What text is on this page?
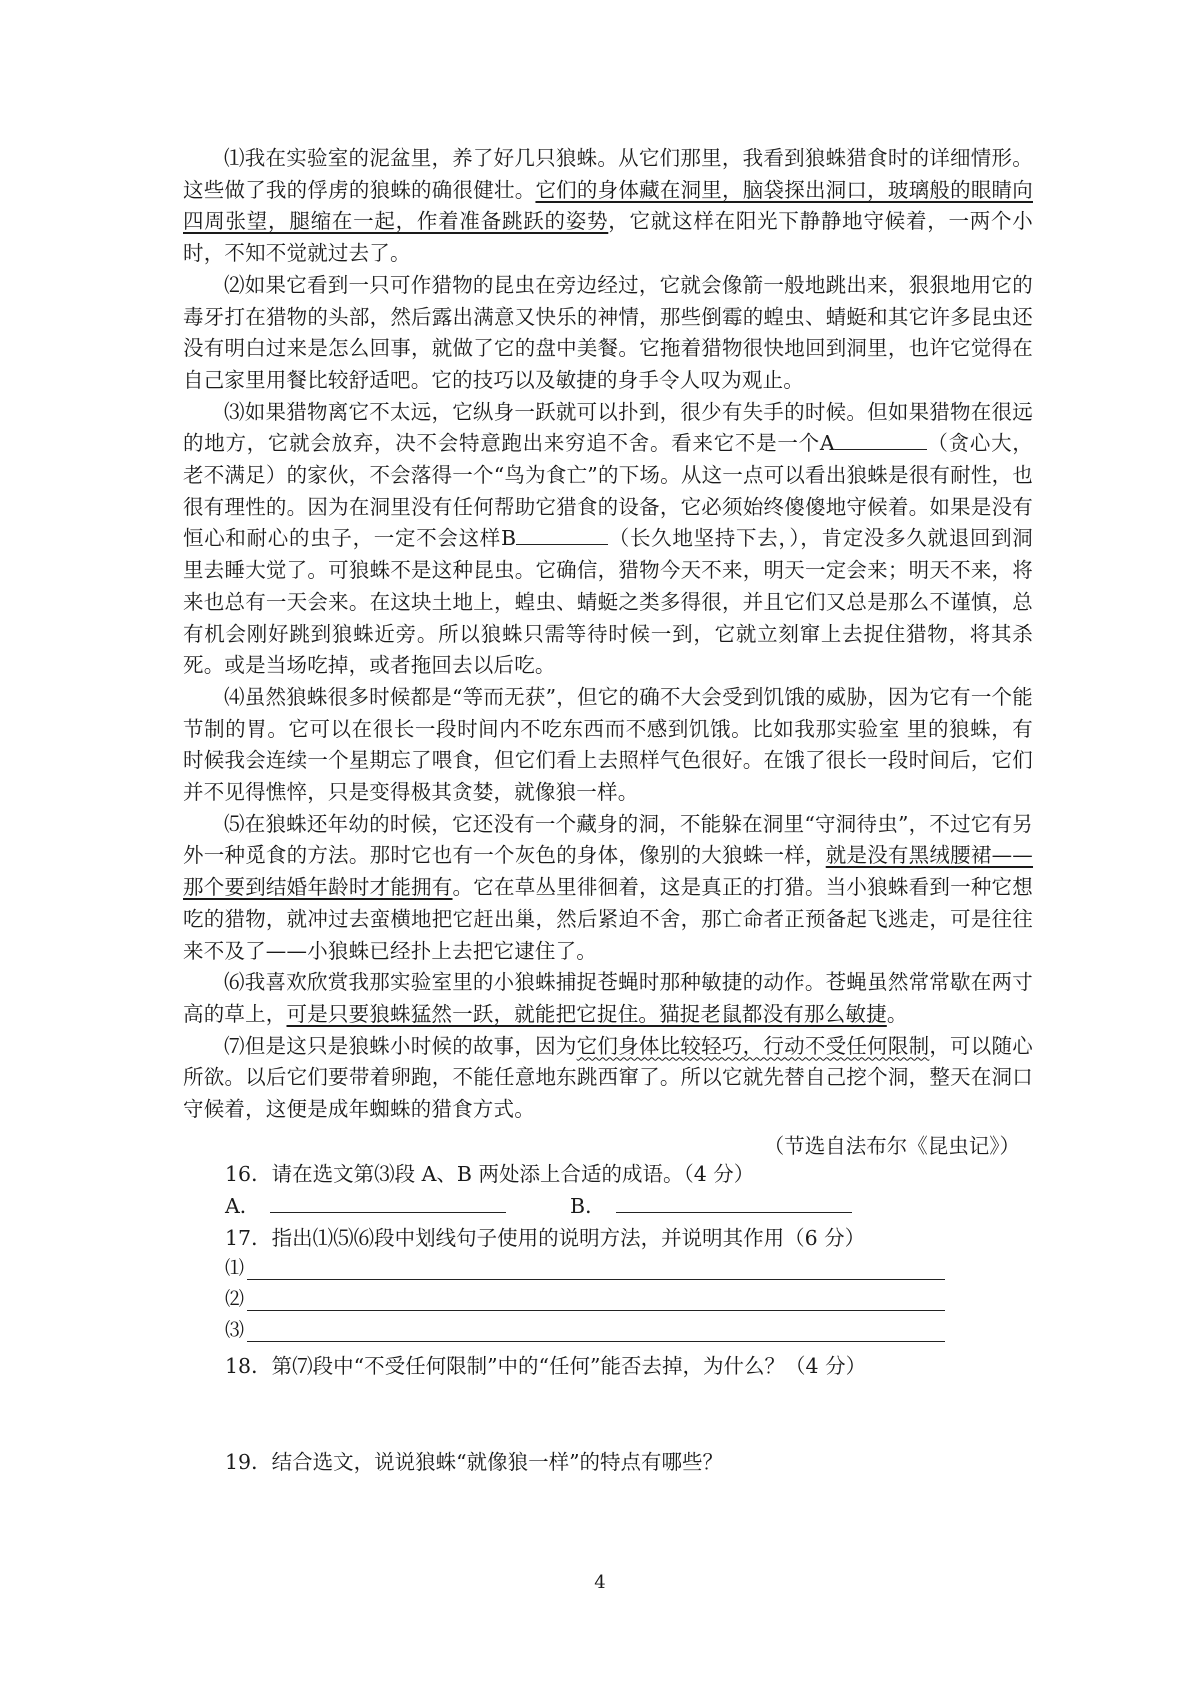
⑴我在实验室的泥盆里，养了好几只狼蛛。从它们那里，我看到狼蛛猎食时的详细情形。这些做了我的俘虏的狼蛛的确很健壮。它们的身体藏在洞里，脑袋探出洞口，玻璃般的眼睛向四周张望，腿缩在一起，作着准备跳跃的姿势，它就这样在阳光下静静地守候着，一两个小时，不知不觉就过去了。

⑵如果它看到一只可作猎物的昆虫在旁边经过，它就会像箭一般地跳出来，狠狠地用它的毒牙打在猎物的头部，然后露出满意又快乐的神情，那些倒霉的蝗虫、蜻蜓和其它许多昆虫还没有明白过来是怎么回事，就做了它的盘中美餐。它拖着猎物很快地回到洞里，也许它觉得在自己家里用餐比较舒适吧。它的技巧以及敏捷的身手令人叹为观止。

⑶如果猎物离它不太远，它纵身一跃就可以扑到，很少有失手的时候。但如果猎物在很远的地方，它就会放弃，决不会特意跑出来穷追不舍。看来它不是一个A	（贪心大，老不满足）的家伙，不会落得一个“鸟为食亡”的下场。从这一点可以看出狼蛛是很有耐性，也很有理性的。因为在洞里没有任何帮助它猎食的设备，它必须始终傻傻地守候着。如果是没有恒心和耐心的虫子，一定不会这样B	（长久地坚持下去，），肯定没多久就退回到洞里去睡大觉了。可狼蛛不是这种昆虫。它确信，猎物今天不来，明天一定会来；明天不来，将来也总有一天会来。在这块土地上，蝗虫、蜻蜓之类多得很，并且它们又总是那么不谨慎，总有机会刚好跳到狼蛛近旁。所以狼蛛只需等待时候一到，它就立刻窜上去捉住猎物，将其杀死。或是当场吃掉，或者拖回去以后吃。

⑷虽然狼蛛很多时候都是“等而无获”，但它的确不大会受到饥饿的威胁，因为它有一个能节制的胃。它可以在很长一段时间内不吃东西而不感到饥饿。比如我那实验室 里的狼蛛，有时候我会连续一个星期忘了喂食，但它们看上去照样气色很好。在饿了很长一段时间后，它们并不见得憔悴，只是变得极其贪婪，就像狼一样。

⑸在狼蛛还年幼的时候，它还没有一个藏身的洞，不能躲在洞里“守洞待虫”，不过它有另外一种觅食的方法。那时它也有一个灰色的身体，像别的大狼蛛一样，就是没有黑绒腰裙——那个要到结婚年龄时才能拥有。它在草丛里徘徊着，这是真正的打猎。当小狼蛛看到一种它想吃的猎物，就冲过去蛮横地把它赶出巢，然后紧迫不舍，那亡命者正预备起飞逃走，可是往往来不及了——小狼蛛已经扑上去把它逮住了。

⑹我喜欢欣赏我那实验室里的小狼蛛捕捉苍蝇时那种敏捷的动作。苍蝇虽然常常歇在两寸高的草上，可是只要狼蛛猛然一跃，就能把它捉住。猫捉老鼠都没有那么敏捷。

⑺但是这只是狼蛛小时候的故事，因为它们身体比较轻巧，行动不受任何限制，可以随心所欲。以后它们要带着卵跑，不能任意地东跳西窜了。所以它就先替自己挖个洞，整天在洞口守候着，这便是成年蜘蛛的猎食方式。

（节选自法布尔《昆虫记》）
16．请在选文第⑶段 A、B 两处添上合适的成语。（4 分）
A．	B．
17．指出⑴⑸⑹段中划线句子使用的说明方法，并说明其作用（6 分）
⑴
⑵
⑶
18．第⑺段中“不受任何限制”中的“任何”能否去掉，为什么？（4 分）
19．结合选文，说说狼蛛“就像狼一样”的特点有哪些？
4
